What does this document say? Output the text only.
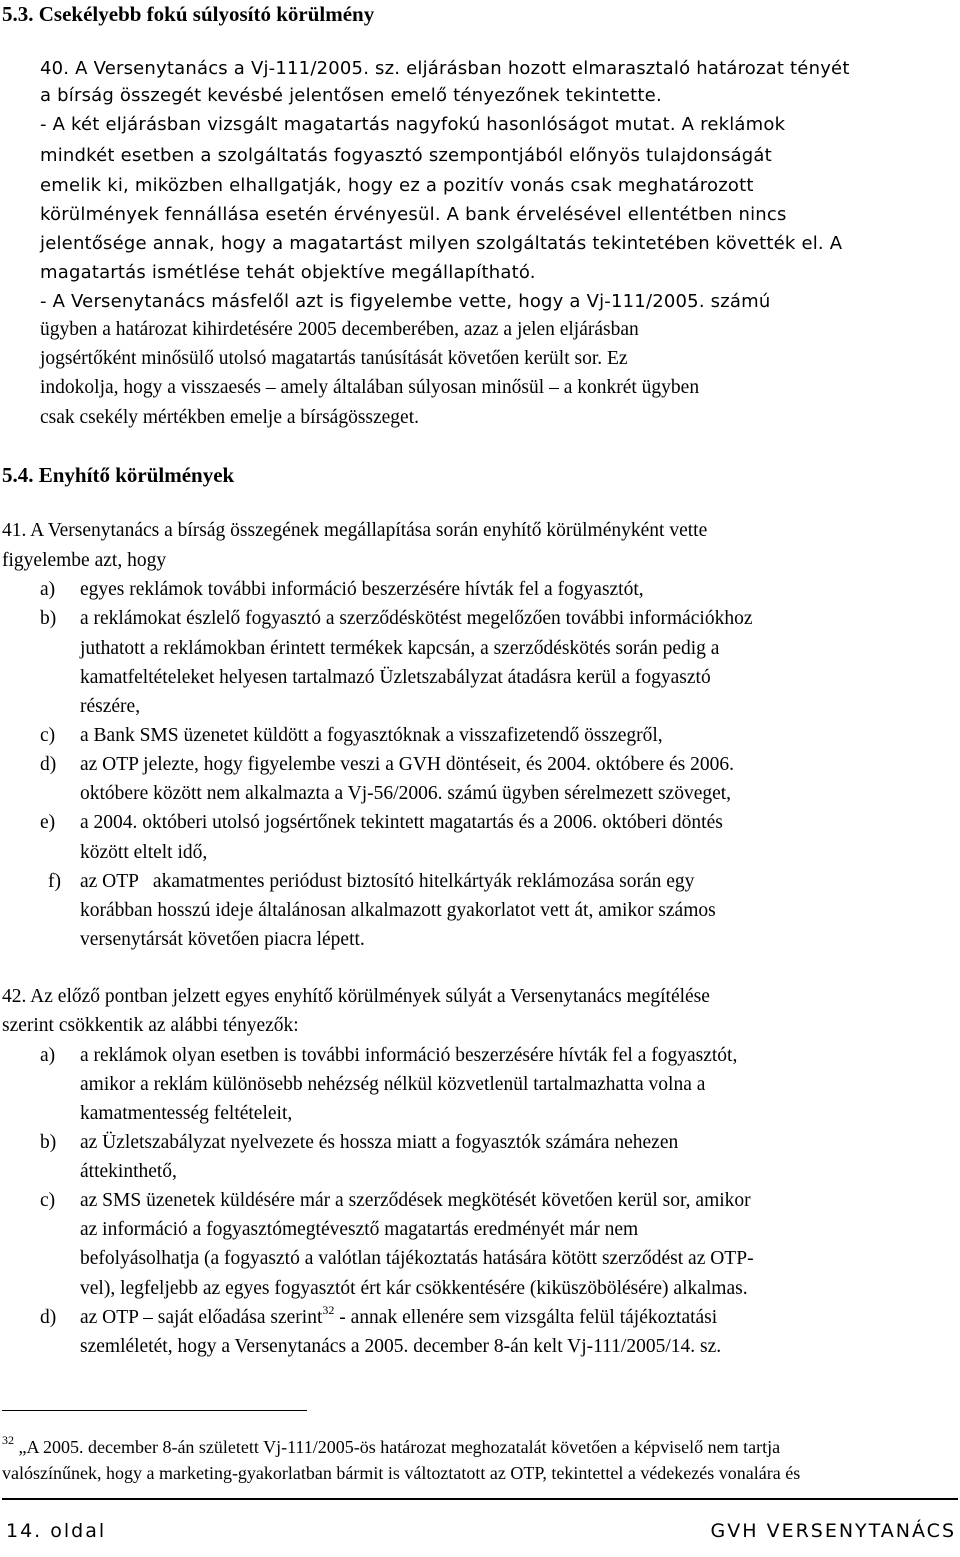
5.3. Csekélyebb fokú súlyosító körülmény
40. A Versenytanács a Vj-111/2005. sz. eljárásban hozott elmarasztaló határozat tényét
a bírság összegét kevésbé jelentősen emelő tényezőnek tekintette.
- A két eljárásban vizsgált magatartás nagyfokú hasonlóságot mutat. A reklámok
mindkét esetben a szolgáltatás fogyasztó szempontjából előnyös tulajdonságát
emelik ki, miközben elhallgatják, hogy ez a pozitív vonás csak meghatározott
körülmények fennállása esetén érvényesül. A bank érvelésével ellentétben nincs
jelentősége annak, hogy a magatartást milyen szolgáltatás tekintetében követték el. A
magatartás ismétlése tehát objektíve megállapítható.
- A Versenytanács másfelől azt is figyelembe vette, hogy a Vj-111/2005. számú
ügyben a határozat kihirdetésére 2005 decemberében, azaz a jelen eljárásban
jogsértőként minősülő utolsó magatartás tanúsítását követően került sor. Ez
indokolja, hogy a visszaesés – amely általában súlyosan minősül – a konkrét ügyben
csak csekély mértékben emelje a bírságösszeget.
5.4. Enyhítő körülmények
41. A Versenytanács a bírság összegének megállapítása során enyhítő körülményként vette
figyelembe azt, hogy
a) egyes reklámok további információ beszerzésére hívták fel a fogyasztót,
b) a reklámokat észlelő fogyasztó a szerződéskötést megelőzően további információkhoz
juthatott a reklámokban érintett termékek kapcsán, a szerződéskötés során pedig a
kamatfeltételeket helyesen tartalmazó Üzletszabályzat átadásra kerül a fogyasztó
részére,
c) a Bank SMS üzenetet küldött a fogyasztóknak a visszafizetendő összegről,
d) az OTP jelezte, hogy figyelembe veszi a GVH döntéseit, és 2004. októbere és 2006.
októbere között nem alkalmazta a Vj-56/2006. számú ügyben sérelmezett szöveget,
e) a 2004. októberi utolsó jogsértőnek tekintett magatartás és a 2006. októberi döntés
között eltelt idő,
f) az OTP   akamatmentes periódust biztosító hitelkártyák reklámozása során egy
korábban hosszú ideje általánosan alkalmazott gyakorlatot vett át, amikor számos
versenytársát követően piacra lépett.
42. Az előző pontban jelzett egyes enyhítő körülmények súlyát a Versenytanács megítélése
szerint csökkentik az alábbi tényezők:
a) a reklámok olyan esetben is további információ beszerzésére hívták fel a fogyasztót,
amikor a reklám különösebb nehézség nélkül közvetlenül tartalmazhatta volna a
kamatmentesség feltételeit,
b) az Üzletszabályzat nyelvezete és hossza miatt a fogyasztók számára nehezen
áttekinthető,
c) az SMS üzenetek küldésére már a szerződések megkötését követően kerül sor, amikor
az információ a fogyasztómegtévesztő magatartás eredményét már nem
befolyásolhatja (a fogyasztó a valótlan tájékoztatás hatására kötött szerződést az OTP-
vel), legfeljebb az egyes fogyasztót ért kár csökkentésére (kiküszöbölésére) alkalmas.
d) az OTP – saját előadása szerint$^{32}$ - annak ellenére sem vizsgálta felül tájékoztatási
szemléletét, hogy a Versenytanács a 2005. december 8-án kelt Vj-111/2005/14. sz.
$^{32}$ „A 2005. december 8-án született Vj-111/2005-ös határozat meghozatalát követően a képviselő nem tartja
valószínűnek, hogy a marketing-gyakorlatban bármit is változtatott az OTP, tekintettel a védekezés vonalára és
14. oldal	GVH VERSENYTANÁCS
